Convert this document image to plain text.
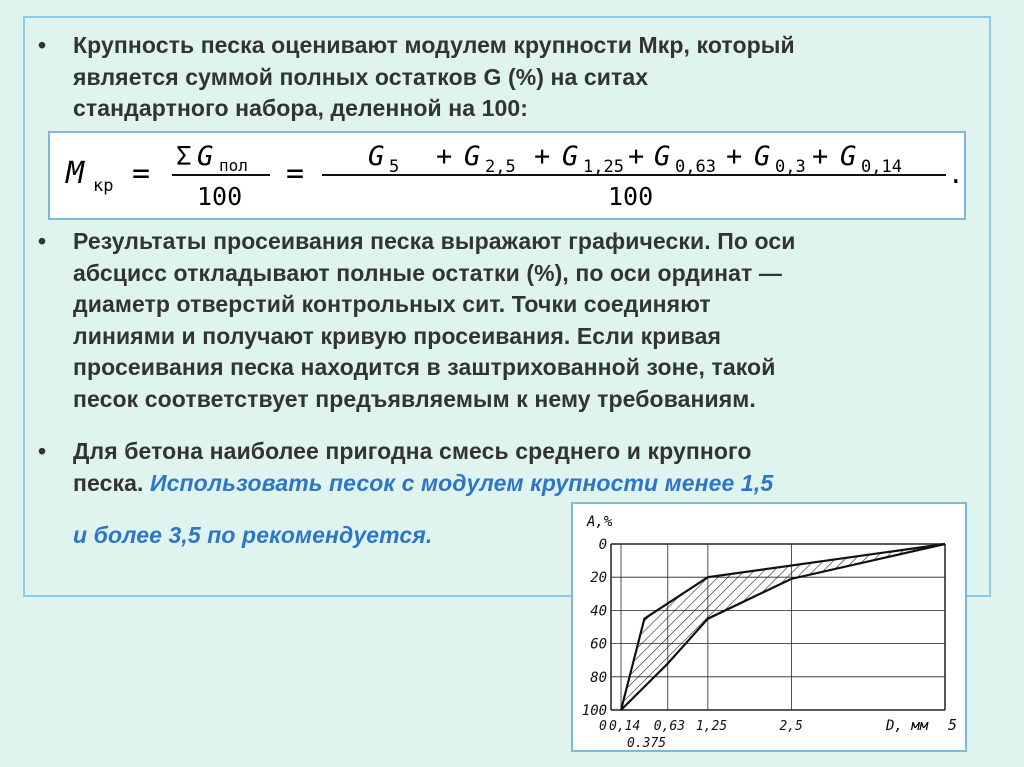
•	Крупность песка оценивают модулем крупности Мкр, который
является суммой полных остатков G (%) на ситах
стандартного набора, деленной на 100:
M кр = Σ G пол
100
= G 5 + G 2,5 + G 1,25 + G 0,63 + G 0,3 + G 0,14
100
.
•	Результаты просеивания песка выражают графически. По оси
абсцисс откладывают полные остатки (%), по оси ординат —
диаметр отверстий контрольных сит. Точки соединяют
линиями и получают кривую просеивания. Если кривая
просеивания песка находится в заштрихованной зоне, такой
песок соответствует предъявляемым к нему требованиям.
•	Для бетона наиболее пригодна смесь среднего и крупного
песка. Использовать песок с модулем крупности менее 1,5
и более 3,5 по рекомендуется.	0
20
40
60
80
100
0 0,14 0,63 1,25	2,5	5
0.375
A,%
D, мм
